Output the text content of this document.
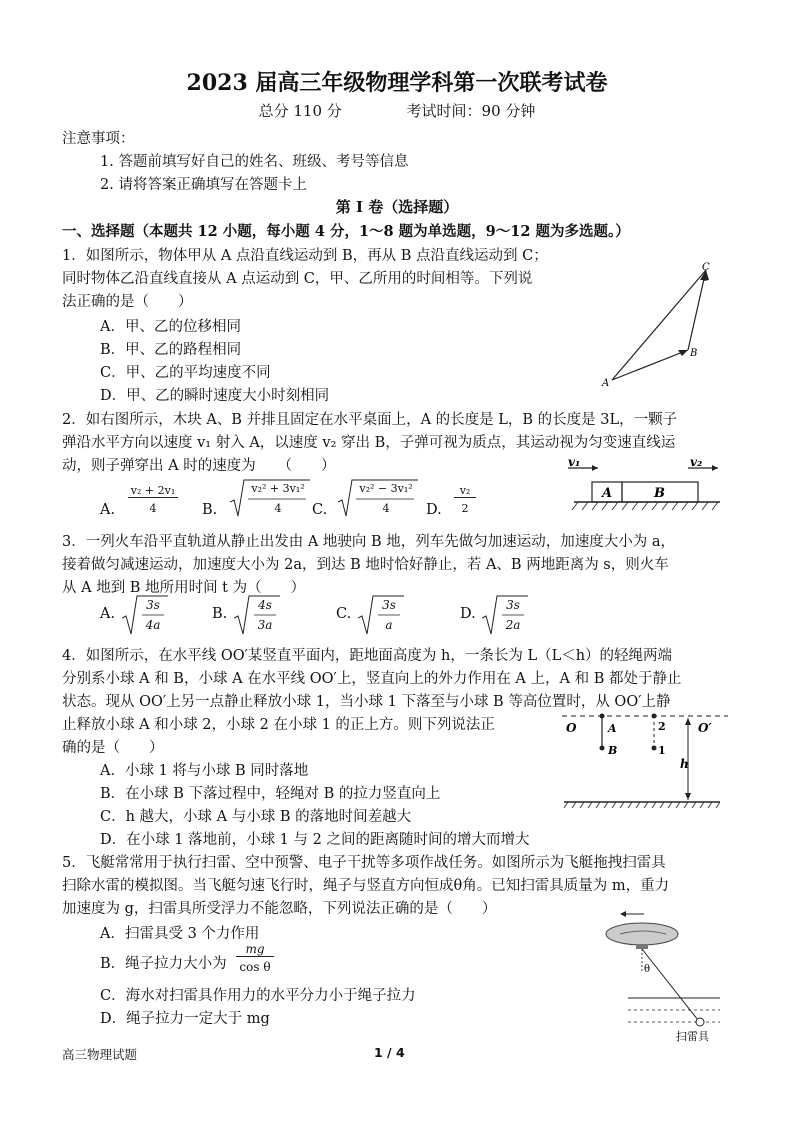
2023 届高三年级物理学科第一次联考试卷
总分 110 分	考试时间：90 分钟
注意事项：
1. 答题前填写好自己的姓名、班级、考号等信息
2. 请将答案正确填写在答题卡上
第 I 卷（选择题）
一、选择题（本题共 12 小题，每小题 4 分，1～8 题为单选题，9～12 题为多选题。）
1．如图所示，物体甲从 A 点沿直线运动到 B，再从 B 点沿直线运动到 C；
同时物体乙沿直线直接从 A 点运动到 C，甲、乙所用的时间相等。下列说
法正确的是（　　）
A．甲、乙的位移相同
B．甲、乙的路程相同
C．甲、乙的平均速度不同
D．甲、乙的瞬时速度大小时刻相同
A
B
C
2．如右图所示，木块 A、B 并排且固定在水平桌面上，A 的长度是 L，B 的长度是 3L，一颗子
弹沿水平方向以速度 v₁ 射入 A，以速度 v₂ 穿出 B，子弹可视为质点，其运动视为匀变速直线运
动，则子弹穿出 A 时的速度为　　（　　）
A.
v₂ + 2v₁
4	B.
v₂² + 3v₁²
4	C.
v₂² − 3v₁²
4	D.
v₂
2
v₁	v₂
A	B
3．一列火车沿平直轨道从静止出发由 A 地驶向 B 地，列车先做匀加速运动，加速度大小为 a，
接着做匀减速运动，加速度大小为 2a，到达 B 地时恰好静止，若 A、B 两地距离为 s，则火车
从 A 地到 B 地所用时间 t 为（　　）
A.
3s
4a
B.
4s
3a
C.
3s
a
D.
3s
2a
4．如图所示，在水平线 OO′某竖直平面内，距地面高度为 h，一条长为 L（L＜h）的轻绳两端
分别系小球 A 和 B，小球 A 在水平线 OO′上，竖直向上的外力作用在 A 上，A 和 B 都处于静止
状态。现从 OO′上另一点静止释放小球 1，当小球 1 下落至与小球 B 等高位置时，从 OO′上静
止释放小球 A 和小球 2，小球 2 在小球 1 的正上方。则下列说法正
确的是（　　）
A．小球 1 将与小球 B 同时落地
B．在小球 B 下落过程中，轻绳对 B 的拉力竖直向上
C．h 越大，小球 A 与小球 B 的落地时间差越大
D．在小球 1 落地前，小球 1 与 2 之间的距离随时间的增大而增大
O	O′
A
B
2
1
h
5．飞艇常常用于执行扫雷、空中预警、电子干扰等多项作战任务。如图所示为飞艇拖拽扫雷具
扫除水雷的模拟图。当飞艇匀速飞行时，绳子与竖直方向恒成θ角。已知扫雷具质量为 m，重力
加速度为 g，扫雷具所受浮力不能忽略，下列说法正确的是（　　）
A．扫雷具受 3 个力作用
B．绳子拉力大小为
mg
cos θ
C．海水对扫雷具作用力的水平分力小于绳子拉力
D．绳子拉力一定大于 mg
θ
扫雷具
高三物理试题	1 / 4
